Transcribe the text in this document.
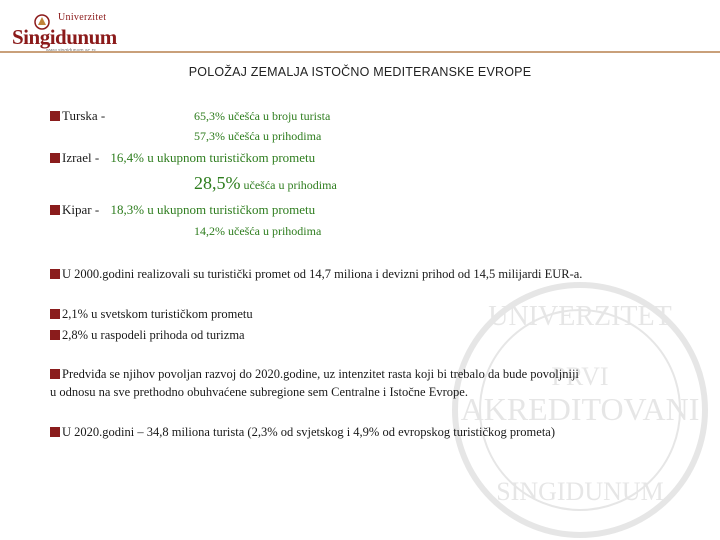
Univerzitet
Singidunum
UNIVERZITET
PRVI
AKREDITOVANI
SINGIDUNUM
POLOŽAJ ZEMALJA ISTOČNO MEDITERANSKE EVROPE
Turska -	65,3% učešća u broju turista
57,3% učešća u prihodima
Izrael - 16,4% u ukupnom turističkom prometu
28,5% učešća u prihodima
Kipar - 18,3% u ukupnom turističkom prometu
14,2% učešća u prihodima
U 2000.godini realizovali su turistički promet od 14,7 miliona i devizni prihod od 14,5 milijardi EUR-a.
2,1% u svetskom turističkom prometu
2,8% u raspodeli prihoda od turizma
Predviđa se njihov povoljan razvoj do 2020.godine, uz intenzitet rasta koji bi trebalo da bude povoljniji
u odnosu na sve prethodno obuhvaćene subregione sem Centralne i Istočne Evrope.
U 2020.godini – 34,8 miliona turista (2,3% od svjetskog i 4,9% od evropskog turističkog prometa)
